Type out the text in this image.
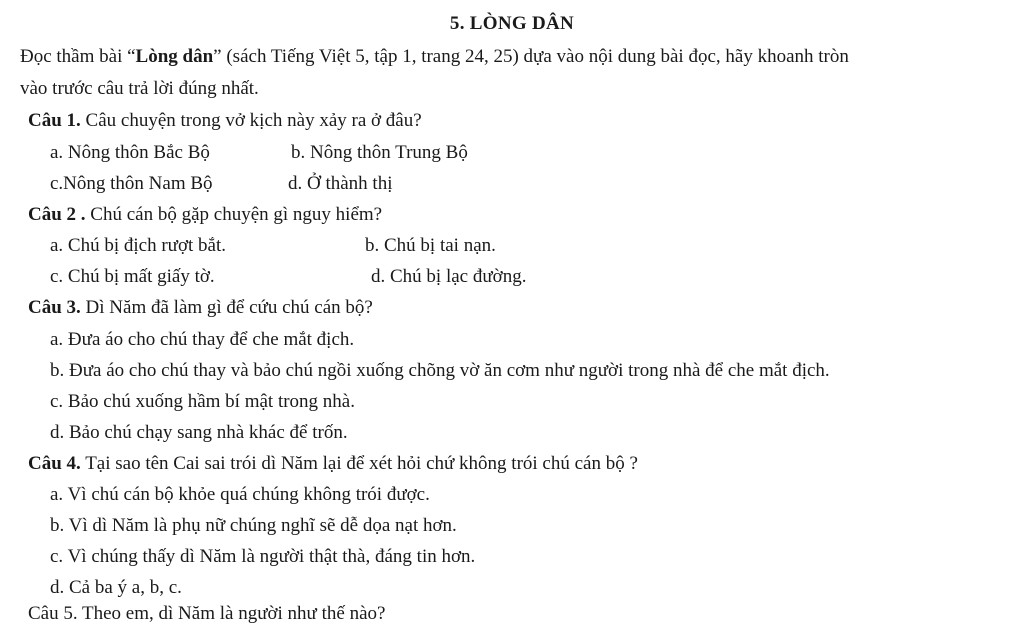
5. LÒNG DÂN
Đọc thầm bài “Lòng dân” (sách Tiếng Việt 5, tập 1, trang 24, 25) dựa vào nội dung bài đọc, hãy khoanh tròn
vào trước câu trả lời đúng nhất.
Câu 1. Câu chuyện trong vở kịch này xảy ra ở đâu?
a. Nông thôn Bắc Bộ	b. Nông thôn Trung Bộ
c.Nông thôn Nam Bộ	d. Ở thành thị
Câu 2 . Chú cán bộ gặp chuyện gì nguy hiểm?
a. Chú bị địch rượt bắt.	b. Chú bị tai nạn.
c. Chú bị mất giấy tờ.	d. Chú bị lạc đường.
Câu 3. Dì Năm đã làm gì để cứu chú cán bộ?
a. Đưa áo cho chú thay để che mắt địch.
b. Đưa áo cho chú thay và bảo chú ngồi xuống chõng vờ ăn cơm như người trong nhà để che mắt địch.
c. Bảo chú xuống hầm bí mật trong nhà.
d. Bảo chú chạy sang nhà khác để trốn.
Câu 4. Tại sao tên Cai sai trói dì Năm lại để xét hỏi chứ không trói chú cán bộ ?
a. Vì chú cán bộ khỏe quá chúng không trói được.
b. Vì dì Năm là phụ nữ chúng nghĩ sẽ dễ dọa nạt hơn.
c. Vì chúng thấy dì Năm là người thật thà, đáng tin hơn.
d. Cả ba ý a, b, c.
Câu 5. Theo em, dì Năm là người như thế nào?
